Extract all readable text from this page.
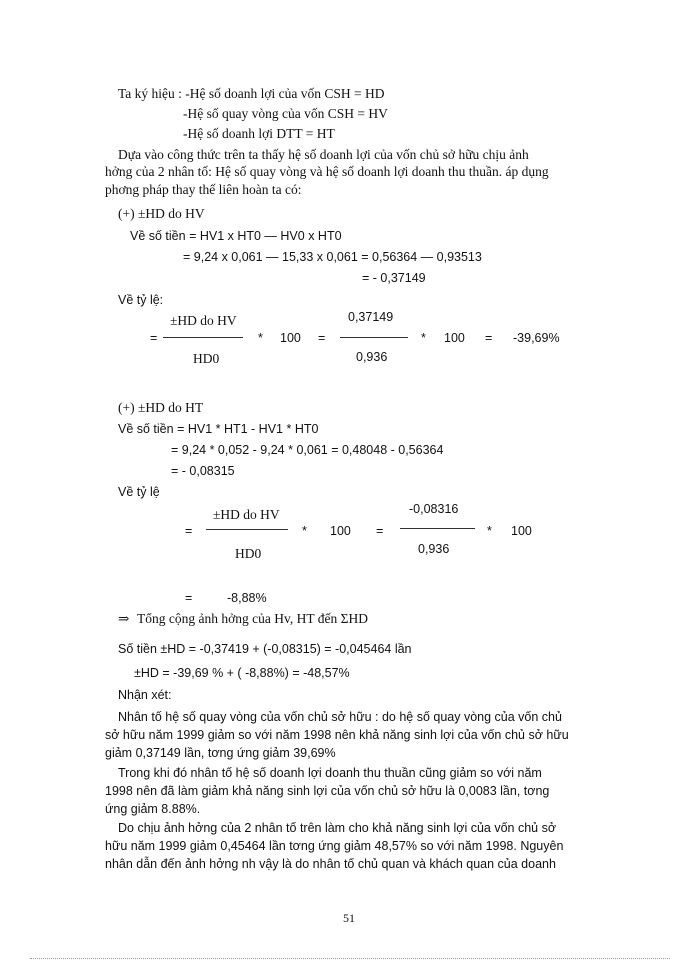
Ta ký hiệu : -Hệ số doanh lợi của vốn CSH = HD
-Hệ số quay vòng của vốn CSH = HV
-Hệ số doanh lợi DTT = HT
Dựa vào công thức trên ta thấy hệ số doanh lợi của vốn chủ sở hữu chịu ảnh
hởng của 2 nhân tố: Hệ số quay vòng và hệ số doanh lợi doanh thu thuần. áp dụng
phơng pháp thay thế liên hoàn ta có:
(+) ±HD do HV
Về số tiền = HV1 x HT0 — HV0 x HT0
= 9,24 x 0,061 — 15,33 x 0,061 = 0,56364 — 0,93513
= - 0,37149
Về tỷ lệ:
=
±HD do HV
HD0
* 100 =
0,37149
0,936
* 100 = -39,69%
(+) ±HD do HT
Về số tiền = HV1 * HT1 - HV1 * HT0
= 9,24 * 0,052 - 9,24 * 0,061 = 0,48048 - 0,56364
= - 0,08315
Về tỷ lệ
=
±HD do HV
HD0
* 100 =
-0,08316
0,936
* 100
=	-8,88%
⇒ Tổng cộng ảnh hởng của Hv, HT đến ΣHD
Số tiền ±HD = -0,37419 + (-0,08315) = -0,045464 lần
±HD = -39,69 % + ( -8,88%) = -48,57%
Nhận xét:
Nhân tố hệ số quay vòng của vốn chủ sở hữu : do hệ số quay vòng của vốn chủ
sở hữu năm 1999 giảm so với năm 1998 nên khả năng sinh lợi của vốn chủ sở hữu
giảm 0,37149 lần, tơng ứng giảm 39,69%
Trong khi đó nhân tố hệ số doanh lợi doanh thu thuần cũng giảm so với năm
1998 nên đã làm giảm khả năng sinh lợi của vốn chủ sở hữu là 0,0083 lần, tơng
ứng giảm 8.88%.
Do chịu ảnh hởng của 2 nhân tố trên làm cho khả năng sinh lợi của vốn chủ sở
hữu năm 1999 giảm 0,45464 lần tơng ứng giảm 48,57% so với năm 1998. Nguyên
nhân dẫn đến ảnh hởng nh vậy là do nhân tố chủ quan và khách quan của doanh
51
